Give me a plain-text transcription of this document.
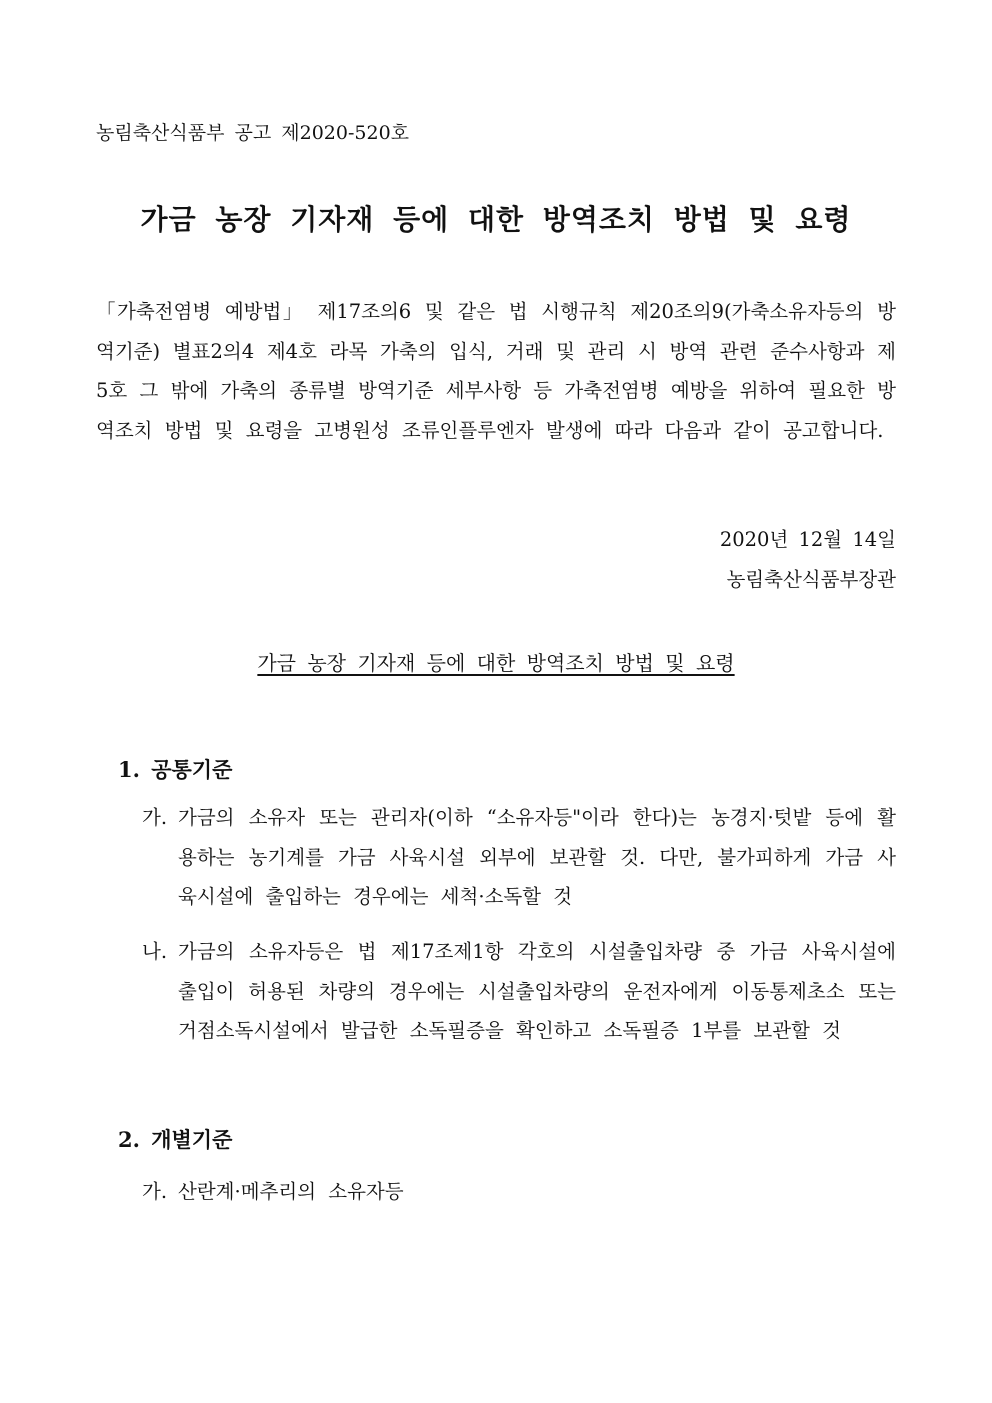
농림축산식품부 공고 제2020-520호
가금 농장 기자재 등에 대한 방역조치 방법 및 요령
「가축전염병 예방법」 제17조의6 및 같은 법 시행규칙 제20조의9(가축소유자등의 방역기준) 별표2의4 제4호 라목 가축의 입식, 거래 및 관리 시 방역 관련 준수사항과 제5호 그 밖에 가축의 종류별 방역기준 세부사항 등 가축전염병 예방을 위하여 필요한 방역조치 방법 및 요령을 고병원성 조류인플루엔자 발생에 따라 다음과 같이 공고합니다.
2020년 12월 14일
농림축산식품부장관
가금 농장 기자재 등에 대한 방역조치 방법 및 요령
1. 공통기준
가. 가금의 소유자 또는 관리자(이하 “소유자등"이라 한다)는 농경지·텃밭 등에 활용하는 농기계를 가금 사육시설 외부에 보관할 것. 다만, 불가피하게 가금 사육시설에 출입하는 경우에는 세척·소독할 것
나. 가금의 소유자등은 법 제17조제1항 각호의 시설출입차량 중 가금 사육시설에 출입이 허용된 차량의 경우에는 시설출입차량의 운전자에게 이동통제초소 또는 거점소독시설에서 발급한 소독필증을 확인하고 소독필증 1부를 보관할 것
2. 개별기준
가. 산란계·메추리의 소유자등
